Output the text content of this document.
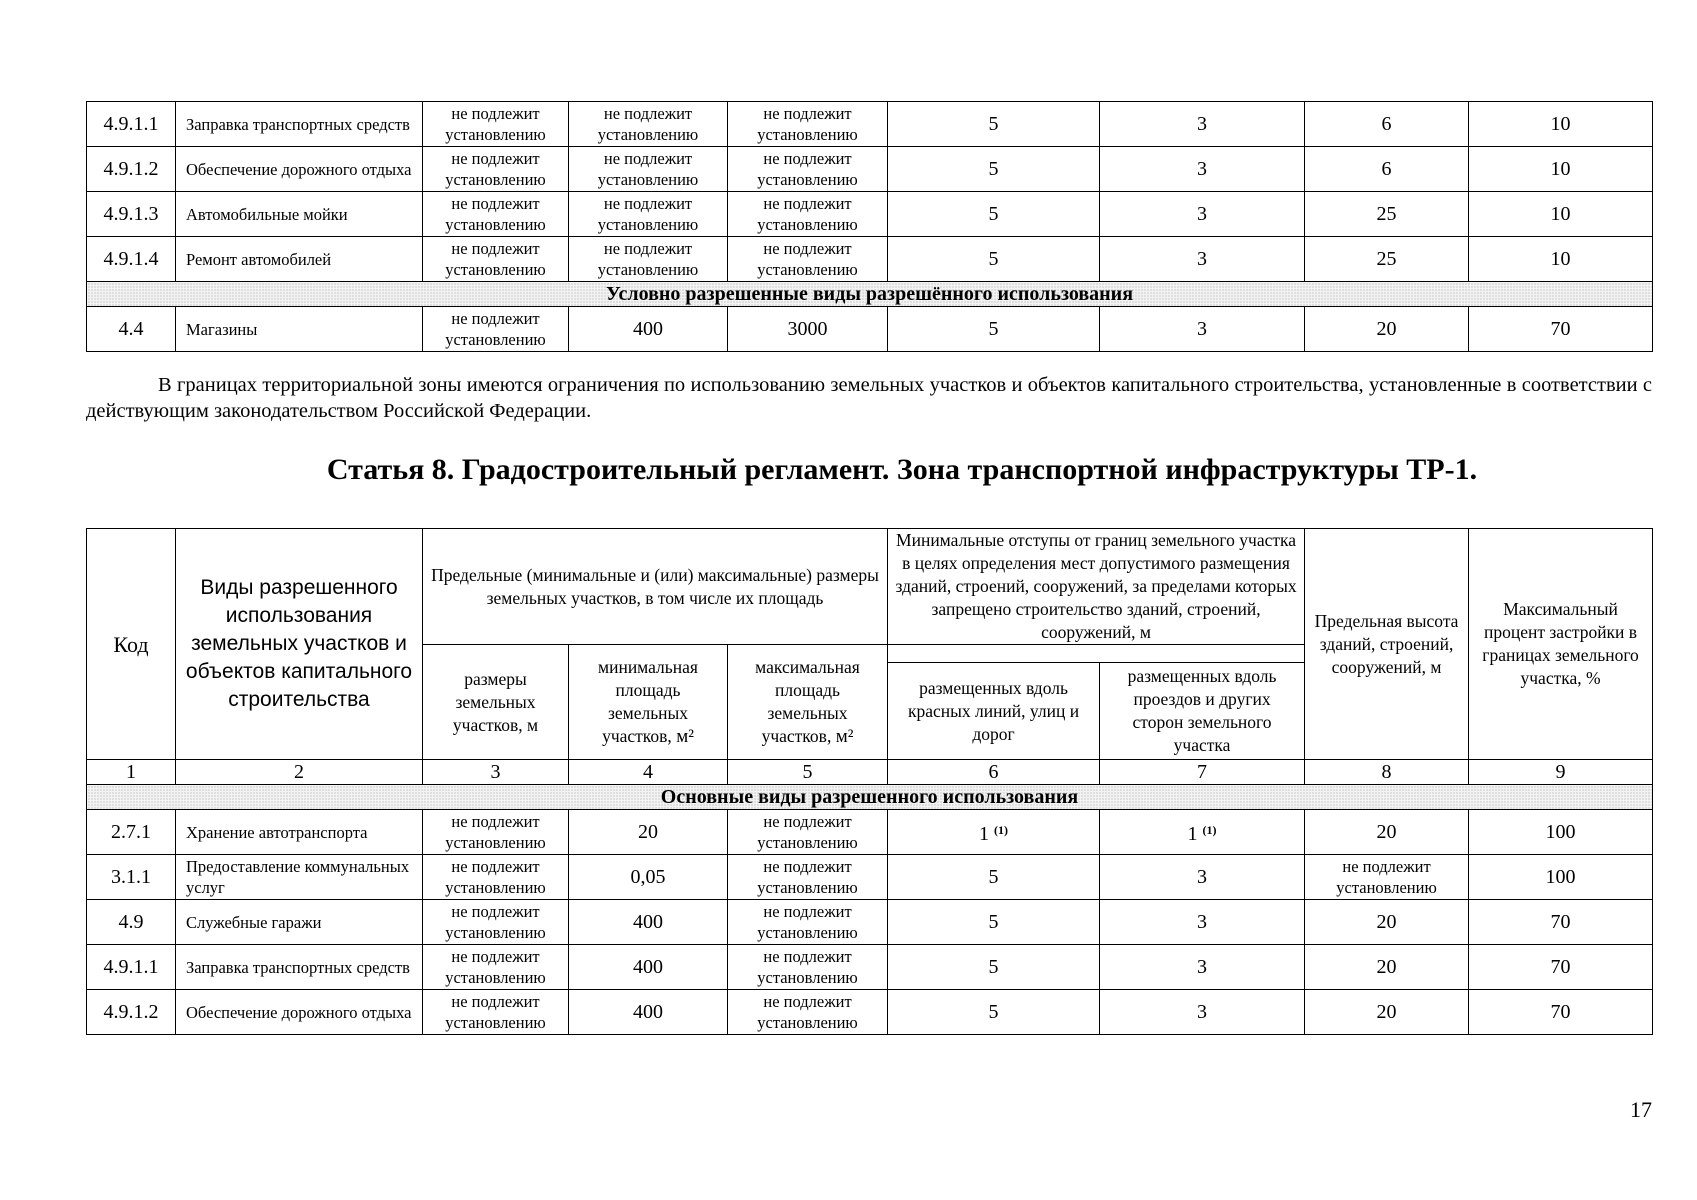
4.9.1.1	Заправка транспортных средств	не подлежит установлению	не подлежит установлению	не подлежит установлению	5	3	6	10
4.9.1.2	Обеспечение дорожного отдыха	не подлежит установлению	не подлежит установлению	не подлежит установлению	5	3	6	10
4.9.1.3	Автомобильные мойки	не подлежит установлению	не подлежит установлению	не подлежит установлению	5	3	25	10
4.9.1.4	Ремонт автомобилей	не подлежит установлению	не подлежит установлению	не подлежит установлению	5	3	25	10
Условно разрешенные виды разрешённого использования								
4.4	Магазины	не подлежит установлению	400	3000	5	3	20	70

В границах территориальной зоны имеются ограничения по использованию земельных участков и объектов капитального строительства, установленные в соответствии с действующим законодательством Российской Федерации.

Статья 8. Градостроительный регламент. Зона транспортной инфраструктуры ТР-1.
Код	Виды разрешенного использования земельных участков и объектов капитального строительства	Предельные (минимальные и (или) максимальные) размеры земельных участков, в том числе их площадь			Минимальные отступы от границ земельного участка в целях определения мест допустимого размещения зданий, строений, сооружений, за пределами которых запрещено строительство зданий, строений, сооружений, м		Предельная высота зданий, строений, сооружений, м	Максимальный процент застройки в границах земельного участка, %
		размеры земельных участков, м	минимальная площадь земельных участков, м²	максимальная площадь земельных участков, м²				
					размещенных вдоль красных линий, улиц и дорог	размещенных вдоль проездов и других сторон земельного участка		
1	2	3	4	5	6	7	8	9
Основные виды разрешенного использования								
2.7.1	Хранение автотранспорта	не подлежит установлению	20	не подлежит установлению	1 $^{(1)}$	1 $^{(1)}$	20	100
3.1.1	Предоставление коммунальных услуг	не подлежит установлению	0,05	не подлежит установлению	5	3	не подлежит установлению	100
4.9	Служебные гаражи	не подлежит установлению	400	не подлежит установлению	5	3	20	70
4.9.1.1	Заправка транспортных средств	не подлежит установлению	400	не подлежит установлению	5	3	20	70
4.9.1.2	Обеспечение дорожного отдыха	не подлежит установлению	400	не подлежит установлению	5	3	20	70
17
